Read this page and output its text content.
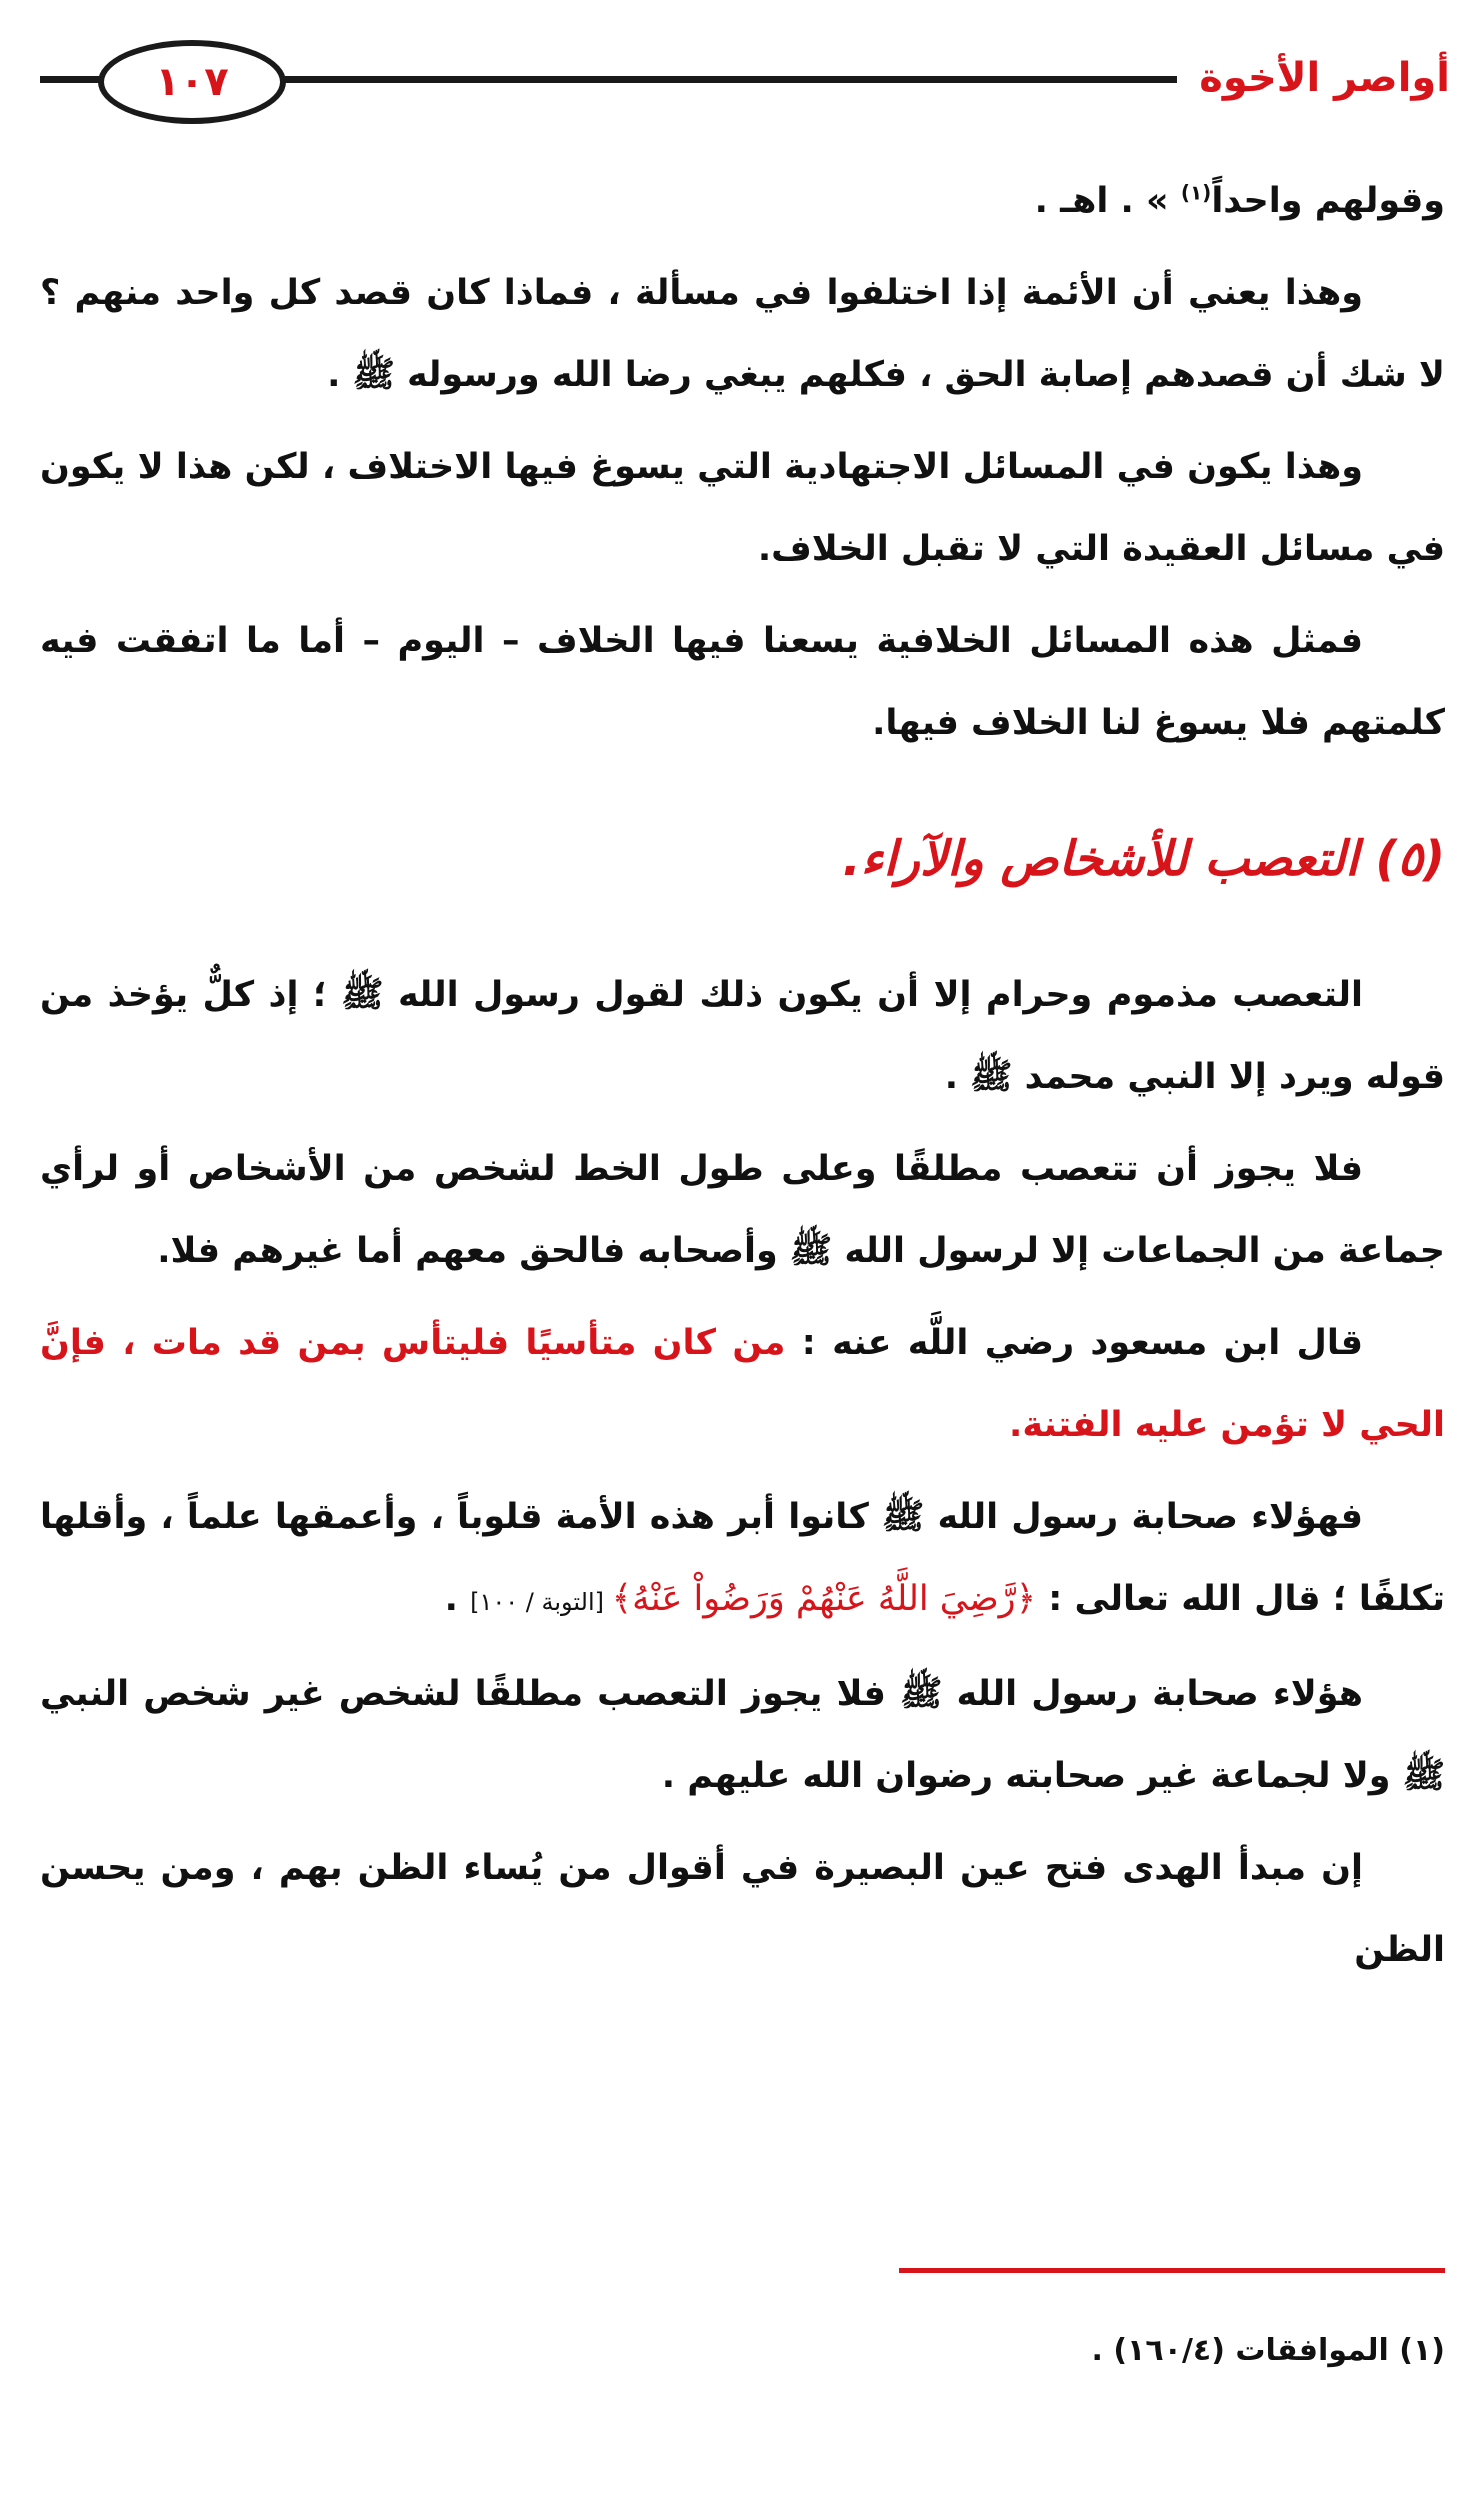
أواصر الأخوة
١٠٧

وقولهم واحداً$^{(١)}$ » . اهـ .

وهذا يعني أن الأئمة إذا اختلفوا في مسألة ، فماذا كان قصد كل واحد منهم ؟ لا شك أن قصدهم إصابة الحق ، فكلهم يبغي رضا الله ورسوله ﷺ .

وهذا يكون في المسائل الاجتهادية التي يسوغ فيها الاختلاف ، لكن هذا لا يكون في مسائل العقيدة التي لا تقبل الخلاف.

فمثل هذه المسائل الخلافية يسعنا فيها الخلاف – اليوم – أما ما اتفقت فيه كلمتهم فلا يسوغ لنا الخلاف فيها.

(٥) التعصب للأشخاص والآراء.

التعصب مذموم وحرام إلا أن يكون ذلك لقول رسول الله ﷺ ؛ إذ كلٌّ يؤخذ من قوله ويرد إلا النبي محمد ﷺ .

فلا يجوز أن تتعصب مطلقًا وعلى طول الخط لشخص من الأشخاص أو لرأي جماعة من الجماعات إلا لرسول الله ﷺ وأصحابه فالحق معهم أما غيرهم فلا.

قال ابن مسعود رضي اللَّه عنه : من كان متأسيًا فليتأس بمن قد مات ، فإنَّ الحي لا تؤمن عليه الفتنة.

فهؤلاء صحابة رسول الله ﷺ كانوا أبر هذه الأمة قلوباً ، وأعمقها علماً ، وأقلها تكلفًا ؛ قال الله تعالى : ﴿رَّضِيَ اللَّهُ عَنْهُمْ وَرَضُواْ عَنْهُ﴾ [التوبة / ١٠٠] .

هؤلاء صحابة رسول الله ﷺ فلا يجوز التعصب مطلقًا لشخص غير شخص النبي ﷺ ولا لجماعة غير صحابته رضوان الله عليهم .

إن مبدأ الهدى فتح عين البصيرة في أقوال من يُساء الظن بهم ، ومن يحسن الظن

(١) الموافقات (١٦٠/٤) .
